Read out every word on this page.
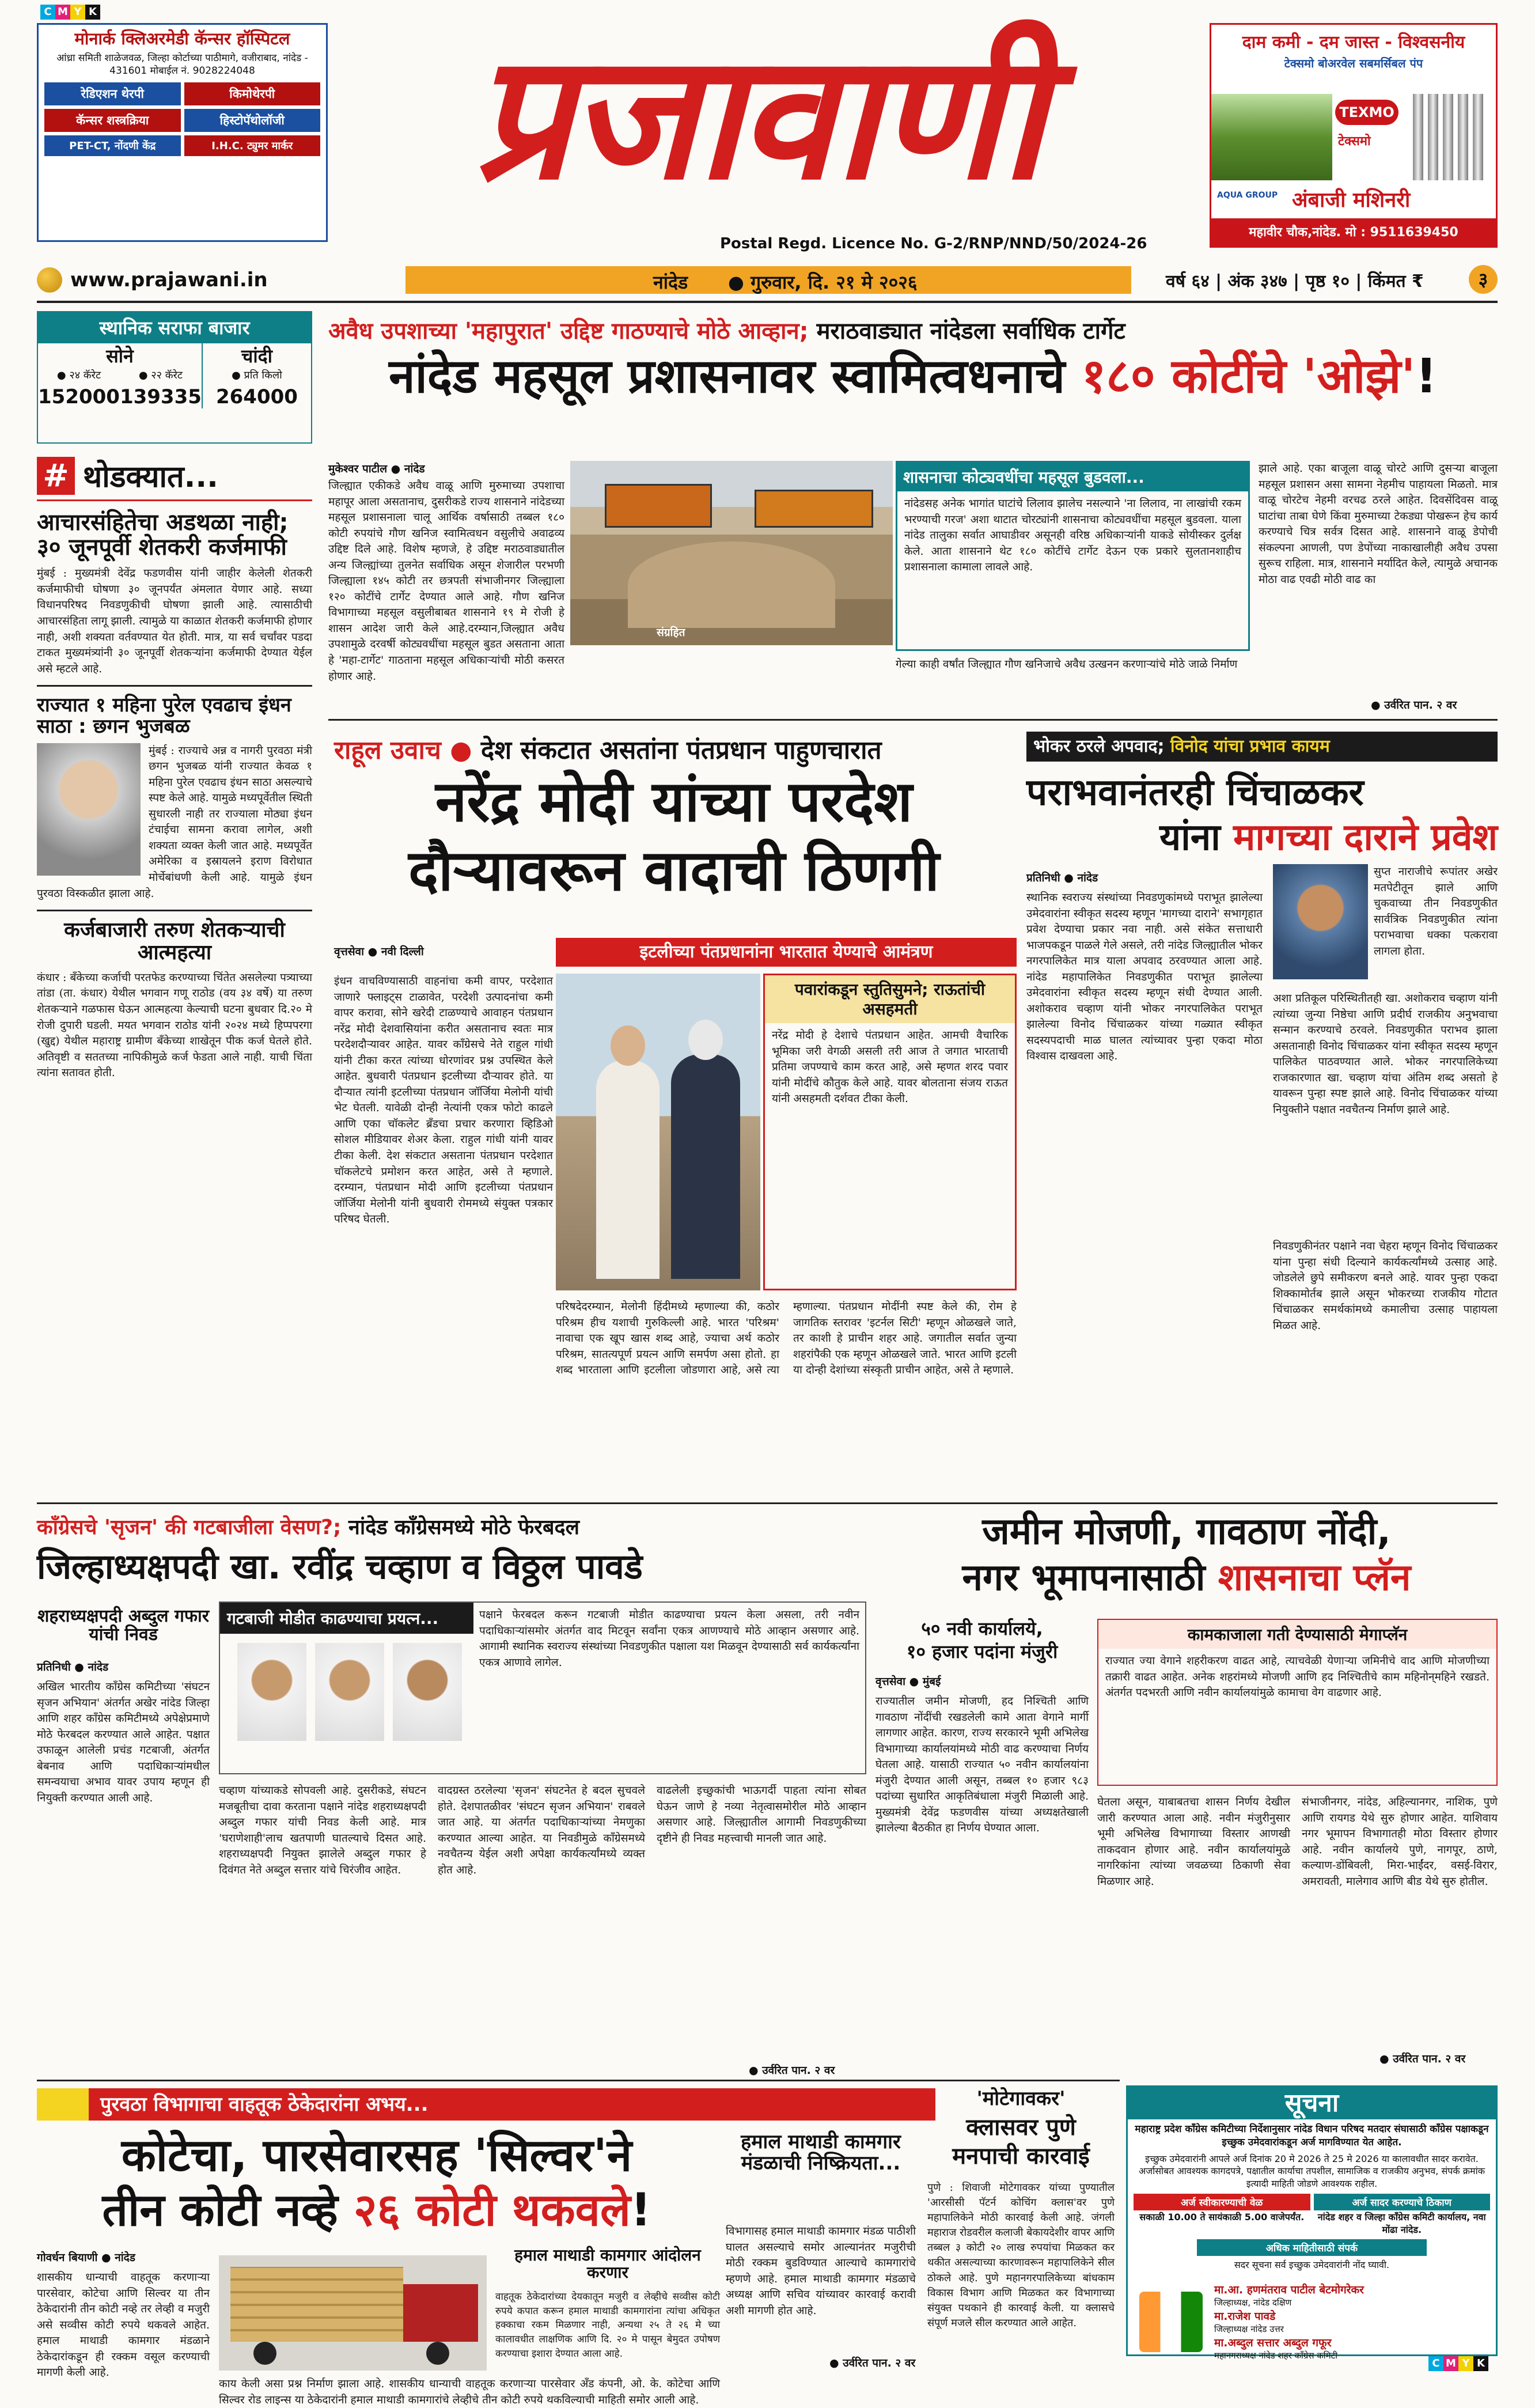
C M Y K
मोनार्क क्लिअरमेडी कॅन्सर हॉस्पिटल
आंध्रा समिती शाळेजवळ, जिल्हा कोर्टाच्या पाठीमागे, वजीराबाद, नांदेड - 431601 मोबाईल नं. 9028224048
रेडिएशन थेरपी	किमोथेरपी
कॅन्सर शस्त्रक्रिया	हिस्टोपॅथोलॉजी
PET-CT, नोंदणी केंद्र	I.H.C. ट्युमर मार्कर	प्रजावाणी
Postal Regd. Licence No. G-2/RNP/NND/50/2024-26
दाम कमी - दम जास्त - विश्वसनीय
टेक्समो बोअरवेल सबमर्सिबल पंप
TEXMO
टेक्समो
AQUA GROUP अंबाजी मशिनरी
महावीर चौक,नांदेड. मो : 9511639450
www.prajawani.in	नांदेड ● गुरुवार, दि. २१ मे २०२६	वर्ष ६४ | अंक ३४७ | पृष्ठ १० | किंमत ₹	३
स्थानिक सराफा बाजार
सोने
● २४ कॅरेट	● २२ कॅरेट
152000 139335
चांदी
● प्रति किलो
264000
# थोडक्यात...
आचारसंहितेचा अडथळा नाही; ३० जूनपूर्वी शेतकरी कर्जमाफी
मुंबई : मुख्यमंत्री देवेंद्र फडणवीस यांनी जाहीर केलेली शेतकरी कर्जमाफीची घोषणा ३० जूनपर्यंत अंमलात येणार आहे. सध्या विधानपरिषद निवडणुकीची घोषणा झाली आहे. त्यासाठीची आचारसंहिता लागू झाली. त्यामुळे या काळात शेतकरी कर्जमाफी होणार नाही, अशी शक्यता वर्तवण्यात येत होती. मात्र, या सर्व चर्चांवर पडदा टाकत मुख्यमंत्र्यांनी ३० जूनपूर्वी शेतकऱ्यांना कर्जमाफी देण्यात येईल असे म्हटले आहे.
राज्यात १ महिना पुरेल एवढाच इंधन साठा : छगन भुजबळ
मुंबई : राज्याचे अन्न व नागरी पुरवठा मंत्री छगन भुजबळ यांनी राज्यात केवळ १ महिना पुरेल एवढाच इंधन साठा असल्याचे स्पष्ट केले आहे. यामुळे मध्यपूर्वेतील स्थिती सुधारली नाही तर राज्याला मोठ्या इंधन टंचाईचा सामना करावा लागेल, अशी शक्यता व्यक्त केली जात आहे. मध्यपूर्वेत अमेरिका व इस्रायलने इराण विरोधात मोर्चेबांधणी केली आहे. यामुळे इंधन पुरवठा विस्कळीत झाला आहे.
कर्जबाजारी तरुण शेतकऱ्याची आत्महत्या
कंधार : बँकेच्या कर्जाची परतफेड करण्याच्या चिंतेत असलेल्या पत्र्याच्या तांडा (ता. कंधार) येथील भगवान गणू राठोड (वय ३४ वर्षे) या तरुण शेतकऱ्याने गळफास घेऊन आत्महत्या केल्याची घटना बुधवार दि.२० मे रोजी दुपारी घडली. मयत भगवान राठोड यांनी २०२४ मध्ये हिप्पपरगा (खुद्द) येथील महाराष्ट्र ग्रामीण बँकेच्या शाखेतून पीक कर्ज घेतले होते. अतिवृष्टी व सततच्या नापिकीमुळे कर्ज फेडता आले नाही. याची चिंता त्यांना सतावत होती.
अवैध उपशाच्या 'महापुरात' उद्दिष्ट गाठण्याचे मोठे आव्हान; मराठवाड्यात नांदेडला सर्वाधिक टार्गेट
नांदेड महसूल प्रशासनावर स्वामित्वधनाचे १८० कोटींचे 'ओझे'!
मुकेश्वर पाटील ● नांदेड
जिल्ह्यात एकीकडे अवैध वाळू आणि मुरुमाच्या उपशाचा महापूर आला असतानाच, दुसरीकडे राज्य शासनाने नांदेडच्या महसूल प्रशासनाला चालू आर्थिक वर्षासाठी तब्बल १८० कोटी रुपयांचे गौण खनिज स्वामित्वधन वसुलीचे अवाढव्य उद्दिष्ट दिले आहे. विशेष म्हणजे, हे उद्दिष्ट मराठवाड्यातील अन्य जिल्ह्यांच्या तुलनेत सर्वाधिक असून शेजारील परभणी जिल्ह्याला १४५ कोटी तर छत्रपती संभाजीनगर जिल्ह्याला १२० कोटींचे टार्गेट देण्यात आले आहे. गौण खनिज विभागाच्या महसूल वसुलीबाबत शासनाने १९ मे रोजी हे शासन आदेश जारी केले आहे.दरम्यान,जिल्ह्यात अवैध उपशामुळे दरवर्षी कोट्यवधींचा महसूल बुडत असताना आता हे 'महा-टार्गेट' गाठताना महसूल अधिकाऱ्यांची मोठी कसरत होणार आहे.
संग्रहित
शासनाचा कोट्यवधींचा महसूल बुडवला...
नांदेडसह अनेक भागांत घाटांचे लिलाव झालेच नसल्याने 'ना लिलाव, ना लाखांची रकम भरण्याची गरज' अशा थाटात चोरट्यांनी शासनाचा कोट्यवधींचा महसूल बुडवला. याला नांदेड तालुका सर्वात आघाडीवर असूनही वरिष्ठ अधिकाऱ्यांनी याकडे सोयीस्कर दुर्लक्ष केले. आता शासनाने थेट १८० कोटींचे टार्गेट देऊन एक प्रकारे सुलतानशाहीच प्रशासनाला कामाला लावले आहे.
गेल्या काही वर्षांत जिल्ह्यात गौण खनिजाचे अवैध उत्खनन करणाऱ्यांचे मोठे जाळे निर्माण
झाले आहे. एका बाजूला वाळू चोरटे आणि दुसऱ्या बाजूला महसूल प्रशासन असा सामना नेहमीच पाहायला मिळतो. मात्र वाळू चोरटेच नेहमी वरचढ ठरले आहेत. दिवसेंदिवस वाळू घाटांचा ताबा घेणे किंवा मुरुमाच्या टेकड्या पोखरून हेच कार्य करण्याचे चित्र सर्वत्र दिसत आहे. शासनाने वाळू डेपोची संकल्पना आणली, पण डेपोंच्या नाकाखालीही अवैध उपसा सुरूच राहिला. मात्र, शासनाने मर्यादित केले, त्यामुळे अचानक मोठा वाढ एवढी मोठी वाढ का
● उर्वरित पान. २ वर
राहूल उवाच ● देश संकटात असतांना पंतप्रधान पाहुणचारात
नरेंद्र मोदी यांच्या परदेश
दौऱ्यावरून वादाची ठिणगी
वृत्तसेवा ● नवी दिल्ली	इटलीच्या पंतप्रधानांना भारतात येण्याचे आमंत्रण
इंधन वाचविण्यासाठी वाहनांचा कमी वापर, परदेशात जाणारे फ्लाइट्स टाळावेत, परदेशी उत्पादनांचा कमी वापर करावा, सोने खरेदी टाळण्याचे आवाहन पंतप्रधान नरेंद्र मोदी देशवासियांना करीत असतानाच स्वतः मात्र परदेशदौऱ्यावर आहेत. यावर काँग्रेसचे नेते राहुल गांधी यांनी टीका करत त्यांच्या धोरणांवर प्रश्न उपस्थित केले आहेत. बुधवारी पंतप्रधान इटलीच्या दौऱ्यावर होते. या दौऱ्यात त्यांनी इटलीच्या पंतप्रधान जॉर्जिया मेलोनी यांची भेट घेतली. यावेळी दोन्ही नेत्यांनी एकत्र फोटो काढले आणि एका चॉकलेट ब्रँडचा प्रचार करणारा व्हिडिओ सोशल मीडियावर शेअर केला. राहुल गांधी यांनी यावर टीका केली. देश संकटात असताना पंतप्रधान परदेशात चॉकलेटचे प्रमोशन करत आहेत, असे ते म्हणाले. दरम्यान, पंतप्रधान मोदी आणि इटलीच्या पंतप्रधान जॉर्जिया मेलोनी यांनी बुधवारी रोममध्ये संयुक्त पत्रकार परिषद घेतली.
पवारांकडून स्तुतिसुमने; राऊतांची असहमती
नरेंद्र मोदी हे देशाचे पंतप्रधान आहेत. आमची वैचारिक भूमिका जरी वेगळी असली तरी आज ते जगात भारताची प्रतिमा जपण्याचे काम करत आहे, असे म्हणत शरद पवार यांनी मोदींचे कौतुक केले आहे. यावर बोलताना संजय राऊत यांनी असहमती दर्शवत टीका केली.
परिषदेदरम्यान, मेलोनी हिंदीमध्ये म्हणाल्या की, कठोर परिश्रम हीच यशाची गुरुकिल्ली आहे. भारत 'परिश्रम' नावाचा एक खूप खास शब्द आहे, ज्याचा अर्थ कठोर परिश्रम, सातत्यपूर्ण प्रयत्न आणि समर्पण असा होतो. हा शब्द भारताला आणि इटलीला जोडणारा आहे, असे त्या म्हणाल्या. पंतप्रधान मोदींनी स्पष्ट केले की, रोम हे जागतिक स्तरावर 'इटर्नल सिटी' म्हणून ओळखले जाते, तर काशी हे प्राचीन शहर आहे. जगातील सर्वात जुन्या शहरांपैकी एक म्हणून ओळखले जाते. भारत आणि इटली या दोन्ही देशांच्या संस्कृती प्राचीन आहेत, असे ते म्हणाले.
भोकर ठरले अपवाद; विनोद यांचा प्रभाव कायम
पराभवानंतरही चिंचाळकर
यांना मागच्या दाराने प्रवेश
प्रतिनिधी ● नांदेड	सुप्त नाराजीचे रूपांतर अखेर मतपेटीतून झाले आणि चुकवाच्या तीन निवडणुकीत सार्वत्रिक निवडणुकीत त्यांना पराभवाचा धक्का पत्करावा लागला होता.
स्थानिक स्वराज्य संस्थांच्या निवडणुकांमध्ये पराभूत झालेल्या उमेदवारांना स्वीकृत सदस्य म्हणून 'मागच्या दाराने' सभागृहात प्रवेश देण्याचा प्रकार नवा नाही. असे संकेत सत्ताधारी भाजपकडून पाळले गेले असले, तरी नांदेड जिल्ह्यातील भोकर नगरपालिकेत मात्र याला अपवाद ठरवण्यात आला आहे. नांदेड महापालिकेत निवडणुकीत पराभूत झालेल्या उमेदवारांना स्वीकृत सदस्य म्हणून संधी देण्यात आली. अशोकराव चव्हाण यांनी भोकर नगरपालिकेत पराभूत झालेल्या विनोद चिंचाळकर यांच्या गळ्यात स्वीकृत सदस्यपदाची माळ घालत त्यांच्यावर पुन्हा एकदा मोठा विश्वास दाखवला आहे.
अशा प्रतिकूल परिस्थितीतही खा. अशोकराव चव्हाण यांनी त्यांच्या जुन्या निष्ठेचा आणि प्रदीर्घ राजकीय अनुभवाचा सन्मान करण्याचे ठरवले. निवडणुकीत पराभव झाला असतानाही विनोद चिंचाळकर यांना स्वीकृत सदस्य म्हणून पालिकेत पाठवण्यात आले. भोकर नगरपालिकेच्या राजकारणात खा. चव्हाण यांचा अंतिम शब्द असतो हे यावरून पुन्हा स्पष्ट झाले आहे. विनोद चिंचाळकर यांच्या नियुक्तीने पक्षात नवचैतन्य निर्माण झाले आहे.
निवडणुकीनंतर पक्षाने नवा चेहरा म्हणून विनोद चिंचाळकर यांना पुन्हा संधी दिल्याने कार्यकर्त्यांमध्ये उत्साह आहे. जोडलेले छुपे समीकरण बनले आहे. यावर पुन्हा एकदा शिक्कामोर्तब झाले असून भोकरच्या राजकीय गोटात चिंचाळकर समर्थकांमध्ये कमालीचा उत्साह पाहायला मिळत आहे.
काँग्रेसचे 'सृजन' की गटबाजीला वेसण?; नांदेड काँग्रेसमध्ये मोठे फेरबदल
जिल्हाध्यक्षपदी खा. रवींद्र चव्हाण व विठ्ठल पावडे
शहराध्यक्षपदी अब्दुल गफार यांची निवड
प्रतिनिधी ● नांदेड
अखिल भारतीय काँग्रेस कमिटीच्या 'संघटन सृजन अभियान' अंतर्गत अखेर नांदेड जिल्हा आणि शहर काँग्रेस कमिटीमध्ये अपेक्षेप्रमाणे मोठे फेरबदल करण्यात आले आहेत. पक्षात उफाळून आलेली प्रचंड गटबाजी, अंतर्गत बेबनाव आणि पदाधिकाऱ्यांमधील समन्वयाचा अभाव यावर उपाय म्हणून ही नियुक्ती करण्यात आली आहे.
गटबाजी मोडीत काढण्याचा प्रयत्न...	पक्षाने फेरबदल करून गटबाजी मोडीत काढण्याचा प्रयत्न केला असला, तरी नवीन पदाधिकाऱ्यांसमोर अंतर्गत वाद मिटवून सर्वांना एकत्र आणण्याचे मोठे आव्हान असणार आहे. आगामी स्थानिक स्वराज्य संस्थांच्या निवडणुकीत पक्षाला यश मिळवून देण्यासाठी सर्व कार्यकर्त्यांना एकत्र आणावे लागेल.
चव्हाण यांच्याकडे सोपवली आहे. दुसरीकडे, संघटन मजबूतीचा दावा करताना पक्षाने नांदेड शहराध्यक्षपदी अब्दुल गफार यांची निवड केली आहे. मात्र 'घराणेशाही'लाच खतपाणी घातल्याचे दिसत आहे. शहराध्यक्षपदी नियुक्त झालेले अब्दुल गफार हे दिवंगत नेते अब्दुल सत्तार यांचे चिरंजीव आहेत.
वादग्रस्त ठरलेल्या 'सृजन' संघटनेत हे बदल सुचवले होते. देशपातळीवर 'संघटन सृजन अभियान' राबवले जात आहे. या अंतर्गत पदाधिकाऱ्यांच्या नेमणुका करण्यात आल्या आहेत. या निवडीमुळे काँग्रेसमध्ये नवचैतन्य येईल अशी अपेक्षा कार्यकर्त्यांमध्ये व्यक्त होत आहे.
वाढलेली इच्छुकांची भाऊगर्दी पाहता त्यांना सोबत घेऊन जाणे हे नव्या नेतृत्वासमोरील मोठे आव्हान असणार आहे. जिल्ह्यातील आगामी निवडणुकीच्या दृष्टीने ही निवड महत्त्वाची मानली जात आहे.
● उर्वरित पान. २ वर
जमीन मोजणी, गावठाण नोंदी,
नगर भूमापनासाठी शासनाचा प्लॅन
५० नवी कार्यालये,
१० हजार पदांना मंजुरी
वृत्तसेवा ● मुंबई
राज्यातील जमीन मोजणी, हद निश्चिती आणि गावठाण नोंदींची रखडलेली कामे आता वेगाने मार्गी लागणार आहेत. कारण, राज्य सरकारने भूमी अभिलेख विभागाच्या कार्यालयांमध्ये मोठी वाढ करण्याचा निर्णय घेतला आहे. यासाठी राज्यात ५० नवीन कार्यालयांना मंजुरी देण्यात आली असून, तब्बल १० हजार ९८३ पदांच्या सुधारित आकृतिबंधाला मंजुरी मिळाली आहे. मुख्यमंत्री देवेंद्र फडणवीस यांच्या अध्यक्षतेखाली झालेल्या बैठकीत हा निर्णय घेण्यात आला.
कामकाजाला गती देण्यासाठी मेगाप्लॅन
राज्यात ज्या वेगाने शहरीकरण वाढत आहे, त्याचवेळी येणाऱ्या जमिनीचे वाद आणि मोजणीच्या तक्रारी वाढत आहेत. अनेक शहरांमध्ये मोजणी आणि हद निश्चितीचे काम महिनोन्‌महिने रखडते. अंतर्गत पदभरती आणि नवीन कार्यालयांमुळे कामाचा वेग वाढणार आहे.
घेतला असून, याबाबतचा शासन निर्णय देखील जारी करण्यात आला आहे. नवीन मंजुरीनुसार भूमी अभिलेख विभागाच्या विस्तार आणखी ताकदवान होणार आहे. नवीन कार्यालयांमुळे नागरिकांना त्यांच्या जवळच्या ठिकाणी सेवा मिळणार आहे.
संभाजीनगर, नांदेड, अहिल्यानगर, नाशिक, पुणे आणि रायगड येथे सुरु होणार आहेत. याशिवाय नगर भूमापन विभागातही मोठा विस्तार होणार आहे. नवीन कार्यालये पुणे, नागपूर, ठाणे, कल्याण-डोंबिवली, मिरा-भाईंदर, वसई-विरार, अमरावती, मालेगाव आणि बीड येथे सुरु होतील.
● उर्वरित पान. २ वर
पुरवठा विभागाचा वाहतूक ठेकेदारांना अभय...
कोटेचा, पारसेवारसह 'सिल्वर'ने
तीन कोटी नव्हे २६ कोटी थकवले!
गोवर्धन बियाणी ● नांदेड
शासकीय धान्याची वाहतूक करणाऱ्या पारसेवार, कोटेचा आणि सिल्वर या तीन ठेकेदारांनी तीन कोटी नव्हे तर लेव्ही व मजुरी असे सव्वीस कोटी रुपये थकवले आहेत. हमाल माथाडी कामगार मंडळाने ठेकेदारांकडून ही रक्कम वसूल करण्याची मागणी केली आहे.
हमाल माथाडी कामगार आंदोलन करणार
वाहतूक ठेकेदारांच्या देयकातून मजुरी व लेव्हीचे सव्वीस कोटी रुपये कपात करून हमाल माथाडी कामगारांना त्यांचा अधिकृत हक्काचा रकम मिळणार नाही, अन्यथा २५ ते २६ मे च्या कालावधीत लाक्षणिक आणि दि. २० मे पासून बेमुदत उपोषण करण्याचा इशारा देण्यात आला आहे.
काय केली असा प्रश्न निर्माण झाला आहे. शासकीय धान्याची वाहतूक करणाऱ्या पारसेवार अँड कंपनी, ओ. के. कोटेचा आणि सिल्वर रोड लाइन्स या ठेकेदारांनी हमाल माथाडी कामगारांचे लेव्हीचे तीन कोटी रुपये थकविल्याची माहिती समोर आली आहे.
हमाल माथाडी कामगार मंडळाची निष्क्रियता...
विभागासह हमाल माथाडी कामगार मंडळ पाठीशी घालत असल्याचे समोर आल्यानंतर मजुरीची मोठी रक्कम बुडविण्यात आल्याचे कामगारांचे म्हणणे आहे. हमाल माथाडी कामगार मंडळाचे अध्यक्ष आणि सचिव यांच्यावर कारवाई करावी अशी मागणी होत आहे.
● उर्वरित पान. २ वर
'मोटेगावकर'
क्लासवर पुणे
मनपाची कारवाई
पुणे : शिवाजी मोटेगावकर यांच्या पुण्यातील 'आरसीसी पॅटर्न कोचिंग क्लास'वर पुणे महापालिकेने मोठी कारवाई केली आहे. जंगली महाराज रोडवरील कलाजी बेकायदेशीर वापर आणि तब्बल ३ कोटी २० लाख रुपयांचा मिळकत कर थकीत असल्याच्या कारणावरून महापालिकेने सील ठोकले आहे. पुणे महानगरपालिकेच्या बांधकाम विकास विभाग आणि मिळकत कर विभागाच्या संयुक्त पथकाने ही कारवाई केली. या क्लासचे संपूर्ण मजले सील करण्यात आले आहेत.
सूचना
महाराष्ट्र प्रदेश काँग्रेस कमिटीच्या निर्देशानुसार नांदेड विधान परिषद मतदार संघासाठी काँग्रेस पक्षाकडून इच्छुक उमेदवारांकडून अर्ज मागविण्यात येत आहेत.
इच्छुक उमेदवारांनी आपले अर्ज दिनांक 20 मे 2026 ते 25 मे 2026 या कालावधीत सादर करावेत. अर्जासोबत आवश्यक कागदपत्रे, पक्षातील कार्याचा तपशील, सामाजिक व राजकीय अनुभव, संपर्क क्रमांक इत्यादी माहिती जोडणे आवश्यक राहील.
अर्ज स्वीकारण्याची वेळ
सकाळी 10.00 ते सायंकाळी 5.00 वाजेपर्यंत.
अर्ज सादर करण्याचे ठिकाण
नांदेड शहर व जिल्हा काँग्रेस कमिटी कार्यालय, नवा मोंढा नांदेड.
अधिक माहितीसाठी संपर्क
सदर सूचना सर्व इच्छुक उमेदवारांनी नोंद घ्यावी.
मा.आ. हणमंतराव पाटील बेटमोगरेकर
जिल्हाध्यक्ष, नांदेड दक्षिण
मा.राजेश पावडे
जिल्हाध्यक्ष नांदेड उत्तर
मा.अब्दुल सत्तार अब्दुल गफूर
महानगराध्यक्ष नांदेड शहर काँग्रेस कमिटी
C M Y K
